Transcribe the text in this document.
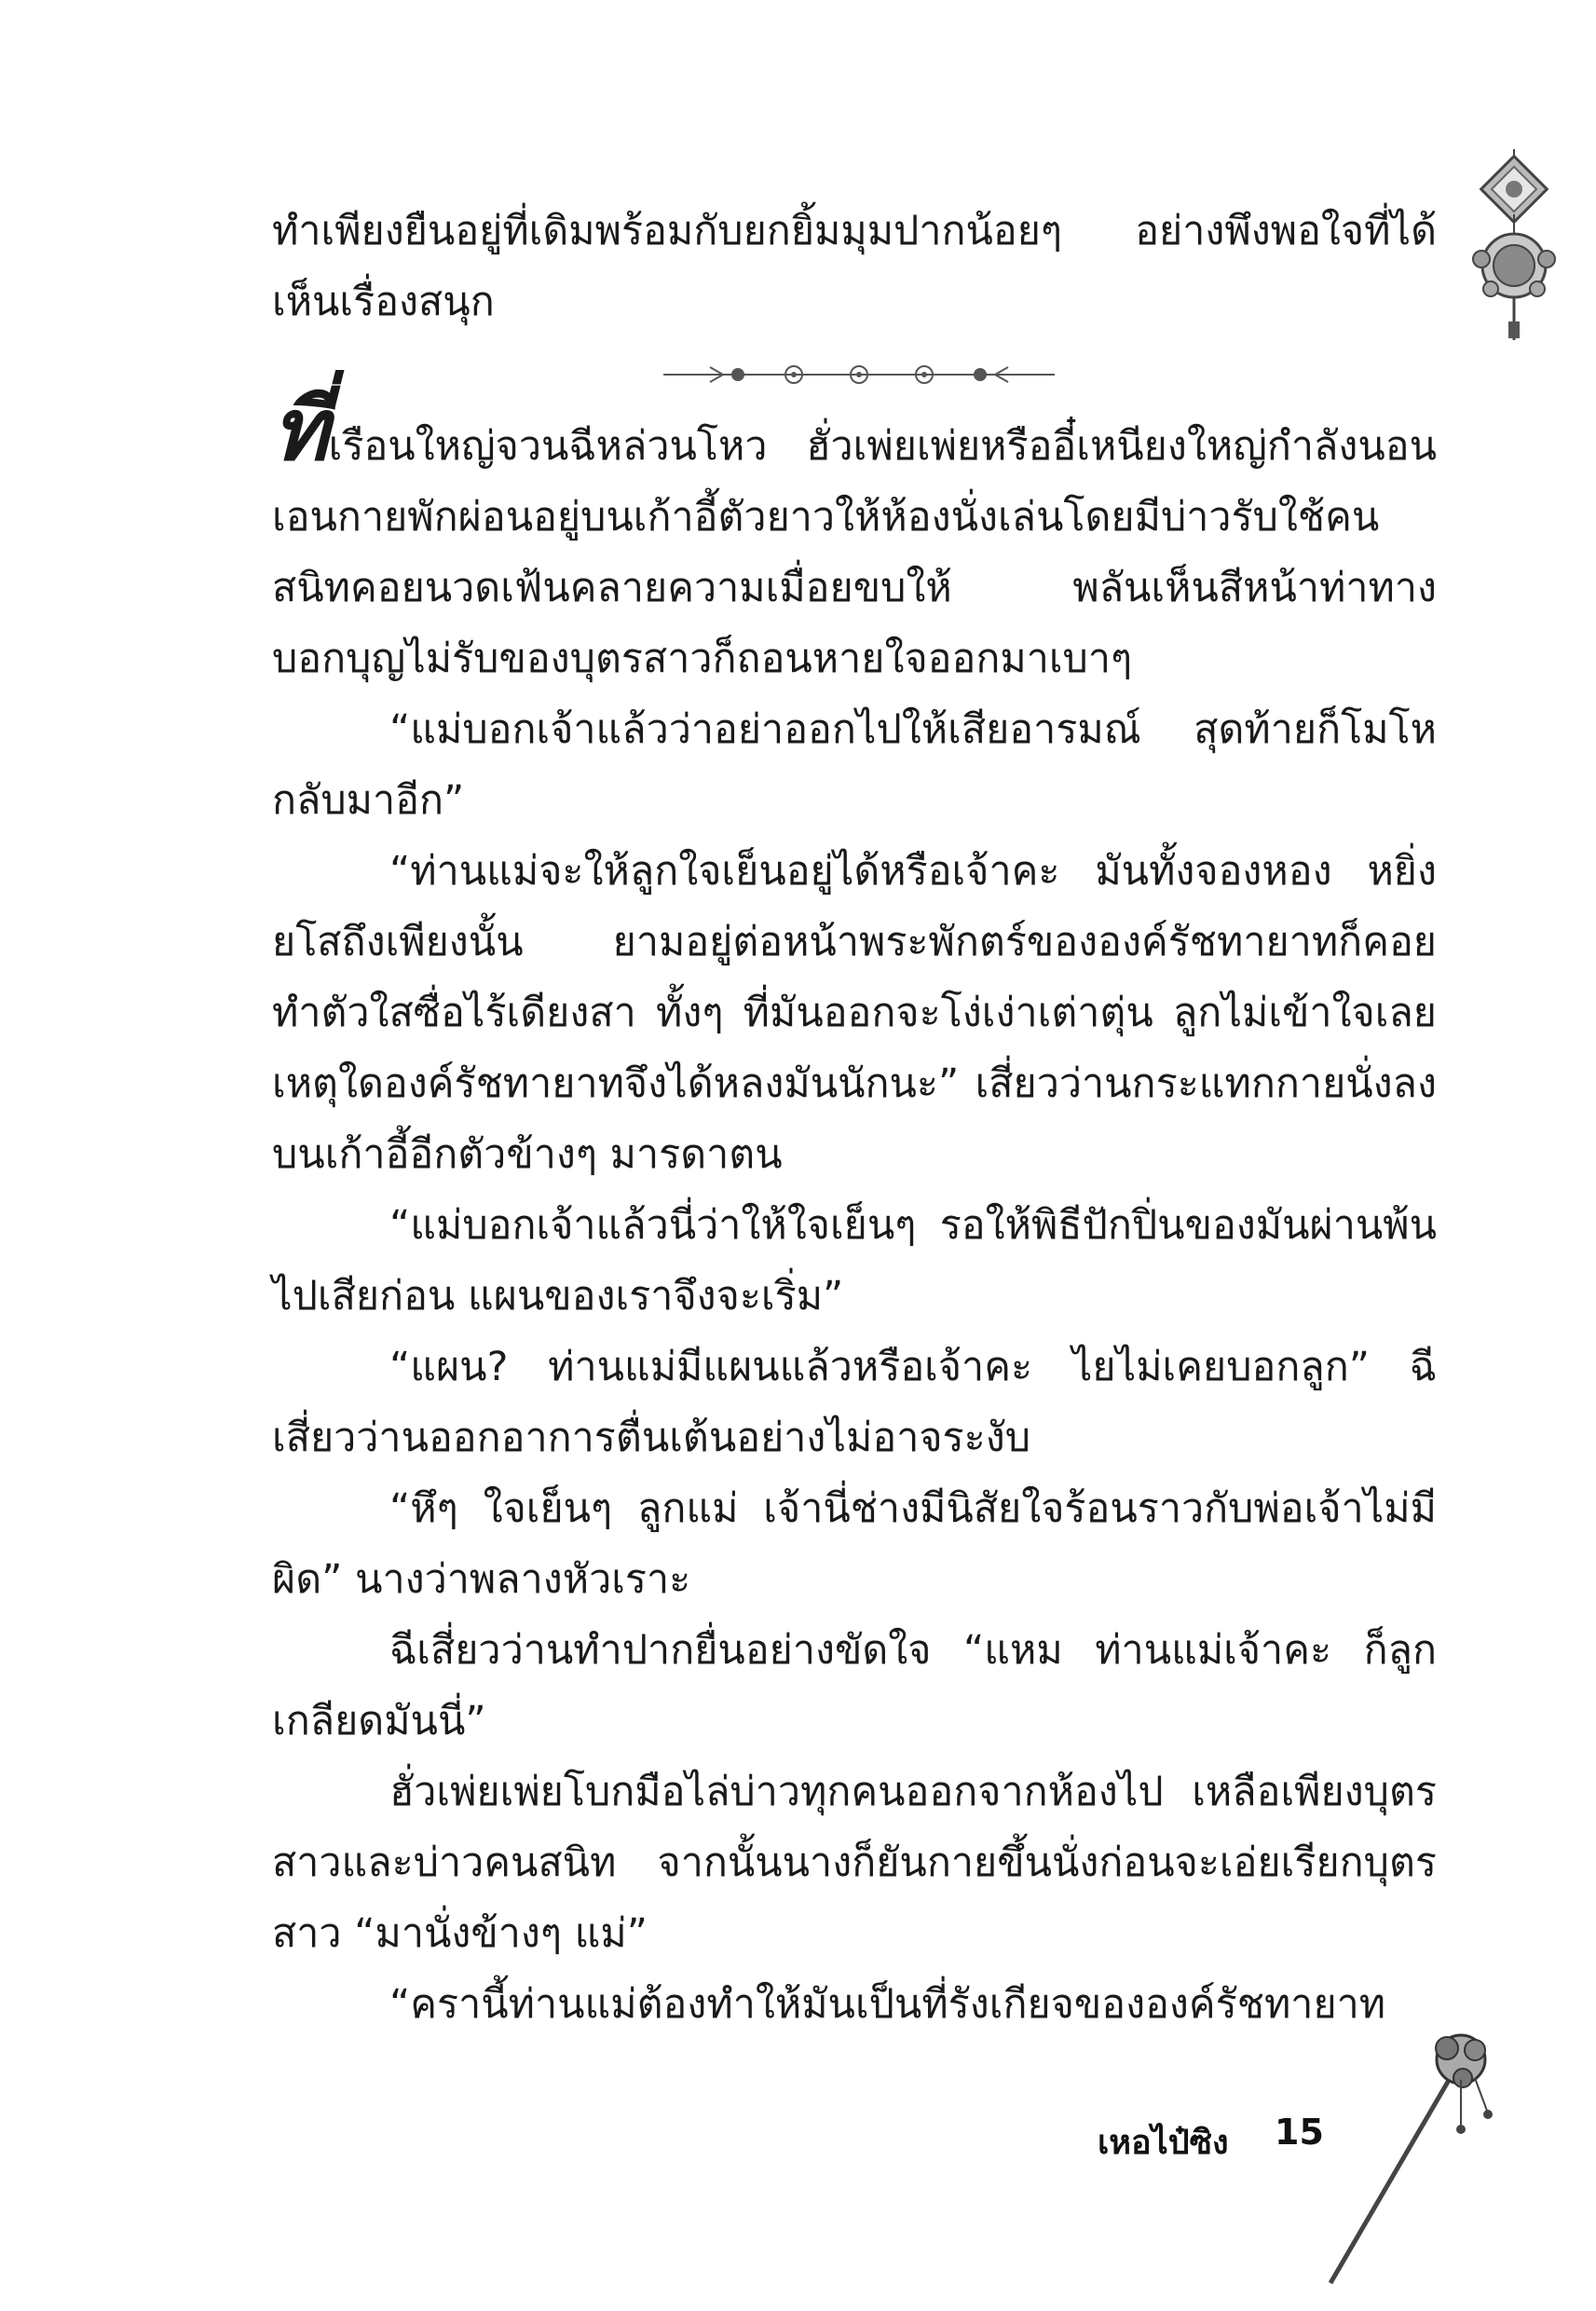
ทำเพียงยืนอยู่ที่เดิมพร้อมกับยกยิ้มมุมปากน้อยๆ อย่างพึงพอใจที่ได้เห็นเรื่องสนุก

ที่เรือนใหญ่จวนฉีหล่วนโหว ฮั่วเพ่ยเพ่ยหรืออี๋เหนียงใหญ่กำลังนอนเอนกายพักผ่อนอยู่บนเก้าอี้ตัวยาวให้ห้องนั่งเล่นโดยมีบ่าวรับใช้คนสนิทคอยนวดเฟ้นคลายความเมื่อยขบให้ พลันเห็นสีหน้าท่าทางบอกบุญไม่รับของบุตรสาวก็ถอนหายใจออกมาเบาๆ

“แม่บอกเจ้าแล้วว่าอย่าออกไปให้เสียอารมณ์ สุดท้ายก็โมโหกลับมาอีก”

“ท่านแม่จะให้ลูกใจเย็นอยู่ได้หรือเจ้าคะ มันทั้งจองหอง หยิ่งยโสถึงเพียงนั้น ยามอยู่ต่อหน้าพระพักตร์ขององค์รัชทายาทก็คอยทำตัวใสซื่อไร้เดียงสา ทั้งๆ ที่มันออกจะโง่เง่าเต่าตุ่น ลูกไม่เข้าใจเลยเหตุใดองค์รัชทายาทจึงได้หลงมันนักนะ” เสี่ยวว่านกระแทกกายนั่งลงบนเก้าอี้อีกตัวข้างๆ มารดาตน

“แม่บอกเจ้าแล้วนี่ว่าให้ใจเย็นๆ รอให้พิธีปักปิ่นของมันผ่านพ้นไปเสียก่อน แผนของเราจึงจะเริ่ม”

“แผน? ท่านแม่มีแผนแล้วหรือเจ้าคะ ไยไม่เคยบอกลูก” ฉีเสี่ยวว่านออกอาการตื่นเต้นอย่างไม่อาจระงับ

“หึๆ ใจเย็นๆ ลูกแม่ เจ้านี่ช่างมีนิสัยใจร้อนราวกับพ่อเจ้าไม่มีผิด” นางว่าพลางหัวเราะ

ฉีเสี่ยวว่านทำปากยื่นอย่างขัดใจ “แหม ท่านแม่เจ้าคะ ก็ลูกเกลียดมันนี่”

ฮั่วเพ่ยเพ่ยโบกมือไล่บ่าวทุกคนออกจากห้องไป เหลือเพียงบุตรสาวและบ่าวคนสนิท จากนั้นนางก็ยันกายขึ้นนั่งก่อนจะเอ่ยเรียกบุตรสาว “มานั่งข้างๆ แม่”

“ครานี้ท่านแม่ต้องทำให้มันเป็นที่รังเกียจขององค์รัชทายาท

เหอไป๋ซิง 15
